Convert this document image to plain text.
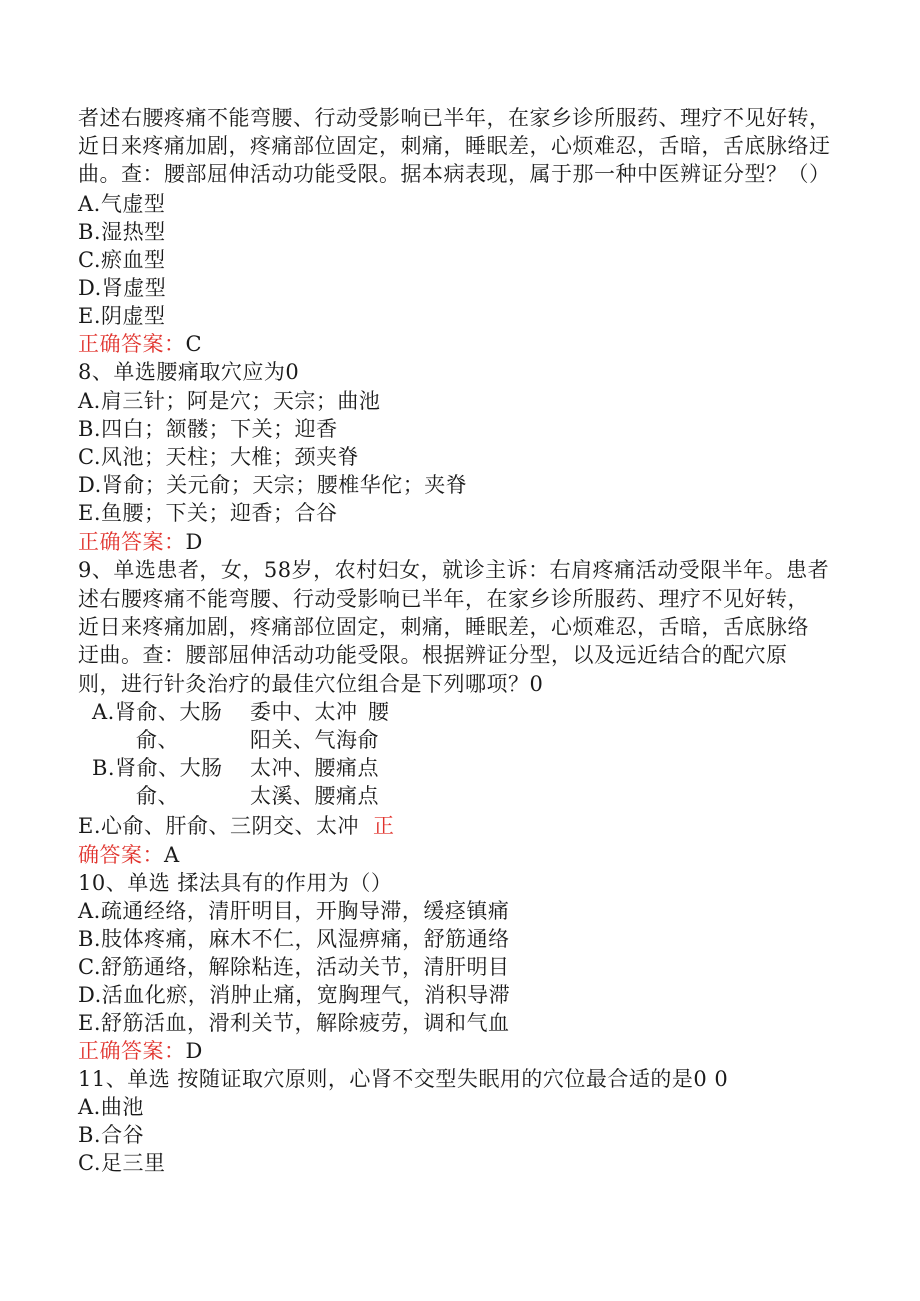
者述右腰疼痛不能弯腰、行动受影响已半年，在家乡诊所服药、理疗不见好转，
近日来疼痛加剧，疼痛部位固定，刺痛，睡眠差，心烦难忍，舌暗，舌底脉络迂
曲。查：腰部屈伸活动功能受限。据本病表现，属于那一种中医辨证分型？（）
A.气虚型
B.湿热型
C.瘀血型
D.肾虚型
E.阴虚型
正确答案：C
8、单选腰痛取穴应为0
A.肩三针；阿是穴；天宗；曲池
B.四白；颔髅；下关；迎香
C.风池；天柱；大椎；颈夹脊
D.肾俞；关元俞；天宗；腰椎华佗；夹脊
E.鱼腰；下关；迎香；合谷
正确答案：D
9、单选患者，女，58岁，农村妇女，就诊主诉：右肩疼痛活动受限半年。患者
述右腰疼痛不能弯腰、行动受影响已半年，在家乡诊所服药、理疗不见好转，
近日来疼痛加剧，疼痛部位固定，刺痛，睡眠差，心烦难忍，舌暗，舌底脉络
迂曲。查：腰部屈伸活动功能受限。根据辨证分型，以及远近结合的配穴原
则，进行针灸治疗的最佳穴位组合是下列哪项？0
A.肾俞、大肠 委中、太冲 腰
俞、	阳关、气海俞
B.肾俞、大肠 太冲、腰痛点
俞、	太溪、腰痛点
E.心俞、肝俞、三阴交、太冲 正
确答案：A
10、单选 揉法具有的作用为（）
A.疏通经络，清肝明目，开胸导滞，缓痉镇痛
B.肢体疼痛，麻木不仁，风湿痹痛，舒筋通络
C.舒筋通络，解除粘连，活动关节，清肝明目
D.活血化瘀，消肿止痛，宽胸理气，消积导滞
E.舒筋活血，滑利关节，解除疲劳，调和气血
正确答案：D
11、单选 按随证取穴原则，心肾不交型失眠用的穴位最合适的是0 0
A.曲池
B.合谷
C.足三里
